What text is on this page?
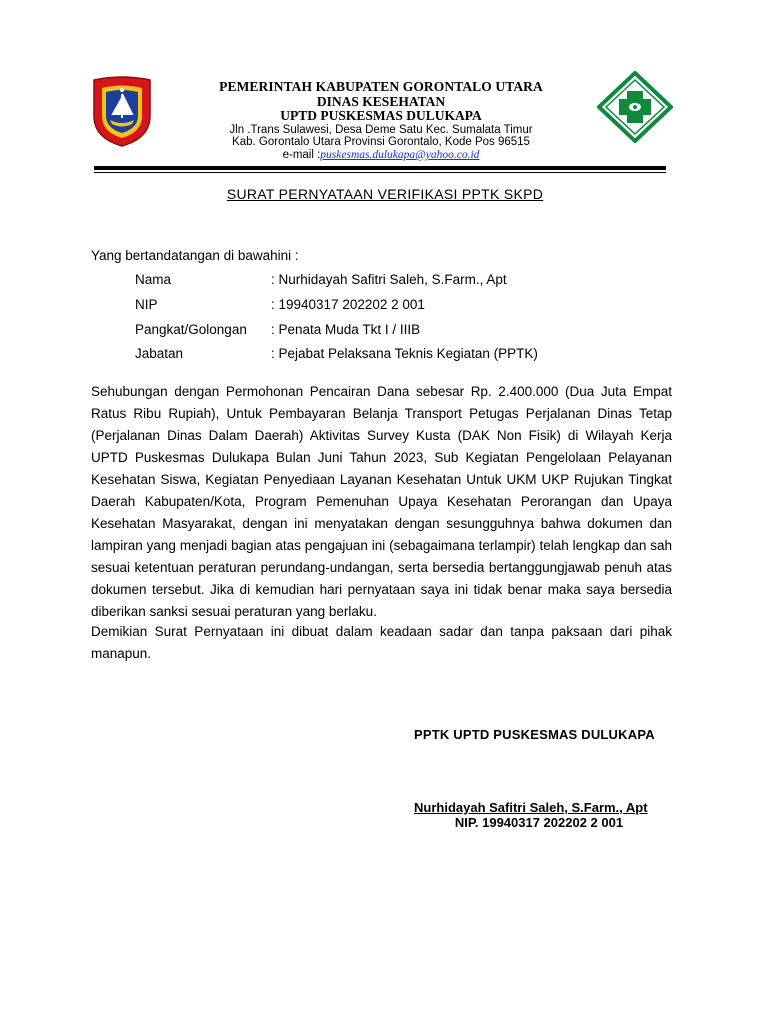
PEMERINTAH KABUPATEN GORONTALO UTARA
DINAS KESEHATAN
UPTD PUSKESMAS DULUKAPA
Jln .Trans Sulawesi, Desa Deme Satu Kec. Sumalata Timur
Kab. Gorontalo Utara Provinsi Gorontalo, Kode Pos 96515
e-mail :puskesmas.dulukapa@yahoo.co.id
SURAT PERNYATAAN VERIFIKASI PPTK SKPD
Yang bertandatangan di bawahini :
Nama	: Nurhidayah Safitri Saleh, S.Farm., Apt
NIP	: 19940317 202202 2 001
Pangkat/Golongan : Penata Muda Tkt I / IIIB
Jabatan	: Pejabat Pelaksana Teknis Kegiatan (PPTK)

Sehubungan dengan Permohonan Pencairan Dana sebesar Rp. 2.400.000 (Dua Juta Empat Ratus Ribu Rupiah), Untuk Pembayaran Belanja Transport Petugas Perjalanan Dinas Tetap (Perjalanan Dinas Dalam Daerah) Aktivitas Survey Kusta (DAK Non Fisik) di Wilayah Kerja UPTD Puskesmas Dulukapa Bulan Juni Tahun 2023, Sub Kegiatan Pengelolaan Pelayanan Kesehatan Siswa, Kegiatan Penyediaan Layanan Kesehatan Untuk UKM UKP Rujukan Tingkat Daerah Kabupaten/Kota, Program Pemenuhan Upaya Kesehatan Perorangan dan Upaya Kesehatan Masyarakat, dengan ini menyatakan dengan sesungguhnya bahwa dokumen dan lampiran yang menjadi bagian atas pengajuan ini (sebagaimana terlampir) telah lengkap dan sah sesuai ketentuan peraturan perundang-undangan, serta bersedia bertanggungjawab penuh atas dokumen tersebut. Jika di kemudian hari pernyataan saya ini tidak benar maka saya bersedia diberikan sanksi sesuai peraturan yang berlaku.

Demikian Surat Pernyataan ini dibuat dalam keadaan sadar dan tanpa paksaan dari pihak manapun.

PPTK UPTD PUSKESMAS DULUKAPA
Nurhidayah Safitri Saleh, S.Farm., Apt
NIP. 19940317 202202 2 001
